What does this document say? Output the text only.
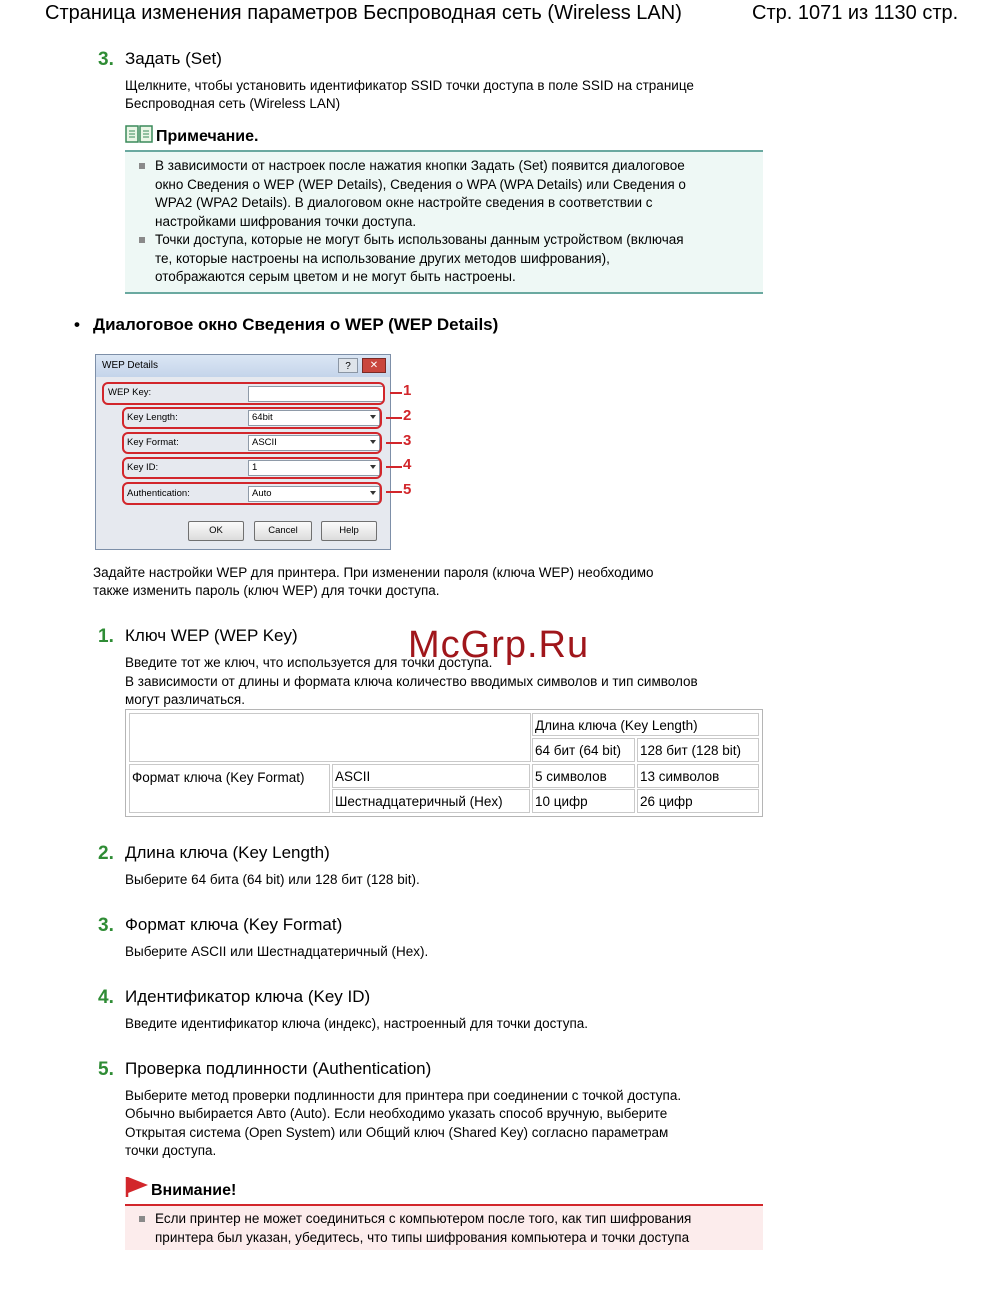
Страница изменения параметров Беспроводная сеть (Wireless LAN)	Стр. 1071 из 1130 стр.
3. Задать (Set)
Щелкните, чтобы установить идентификатор SSID точки доступа в поле SSID на странице
Беспроводная сеть (Wireless LAN)
Примечание.
В зависимости от настроек после нажатия кнопки Задать (Set) появится диалоговое
окно Сведения о WEP (WEP Details), Сведения о WPA (WPA Details) или Сведения о
WPA2 (WPA2 Details). В диалоговом окне настройте сведения в соответствии с
настройками шифрования точки доступа.
Точки доступа, которые не могут быть использованы данным устройством (включая
те, которые настроены на использование других методов шифрования),
отображаются серым цветом и не могут быть настроены.
• Диалоговое окно Сведения о WEP (WEP Details)
WEP Details	?	✕
WEP Key:
Key Length:	64bit
Key Format:	ASCII
Key ID:	1
Authentication:	Auto
OK	Cancel	Help
1
2
3
4
5
Задайте настройки WEP для принтера. При изменении пароля (ключа WEP) необходимо
также изменить пароль (ключ WEP) для точки доступа.
1. Ключ WEP (WEP Key)
Введите тот же ключ, что используется для точки доступа.
В зависимости от длины и формата ключа количество вводимых символов и тип символов
могут различаться.
McGrp.Ru
Длина ключа (Key Length)
64 бит (64 bit)	128 бит (128 bit)
Формат ключа (Key Format)	ASCII	5 символов	13 символов
Шестнадцатеричный (Hex)	10 цифр	26 цифр
2. Длина ключа (Key Length)
Выберите 64 бита (64 bit) или 128 бит (128 bit).
3. Формат ключа (Key Format)
Выберите ASCII или Шестнадцатеричный (Hex).
4. Идентификатор ключа (Key ID)
Введите идентификатор ключа (индекс), настроенный для точки доступа.
5. Проверка подлинности (Authentication)
Выберите метод проверки подлинности для принтера при соединении с точкой доступа.
Обычно выбирается Авто (Auto). Если необходимо указать способ вручную, выберите
Открытая система (Open System) или Общий ключ (Shared Key) согласно параметрам
точки доступа.
Внимание!
Если принтер не может соединиться с компьютером после того, как тип шифрования
принтера был указан, убедитесь, что типы шифрования компьютера и точки доступа
